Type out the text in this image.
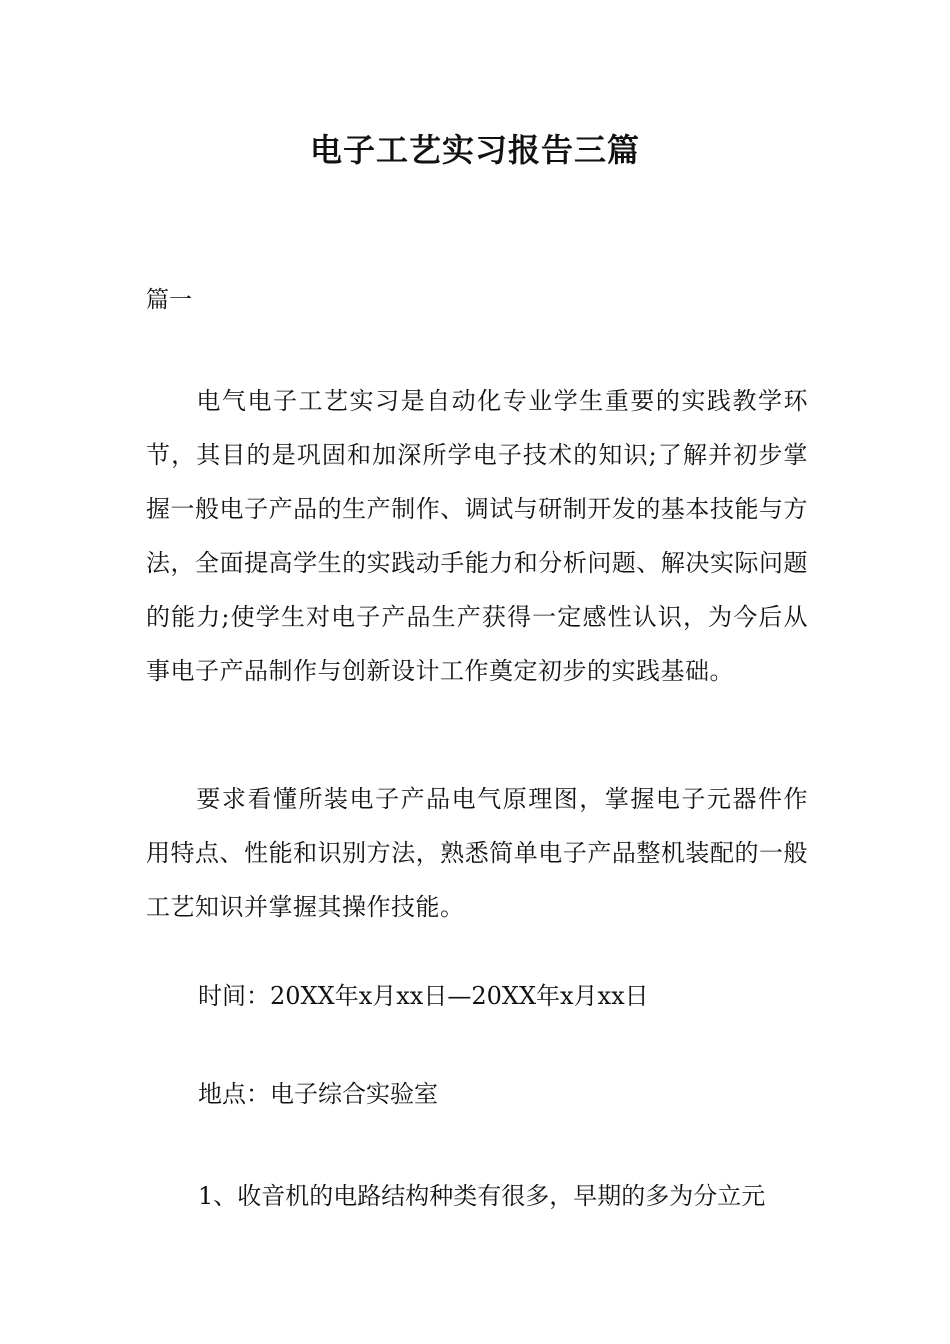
电子工艺实习报告三篇

篇一

电气电子工艺实习是自动化专业学生重要的实践教学环节，其目的是巩固和加深所学电子技术的知识;了解并初步掌握一般电子产品的生产制作、调试与研制开发的基本技能与方法，全面提高学生的实践动手能力和分析问题、解决实际问题的能力;使学生对电子产品生产获得一定感性认识，为今后从事电子产品制作与创新设计工作奠定初步的实践基础。

要求看懂所装电子产品电气原理图，掌握电子元器件作用特点、性能和识别方法，熟悉简单电子产品整机装配的一般工艺知识并掌握其操作技能。

时间：20XX年x月xx日—20XX年x月xx日

地点：电子综合实验室

1、收音机的电路结构种类有很多，早期的多为分立元
